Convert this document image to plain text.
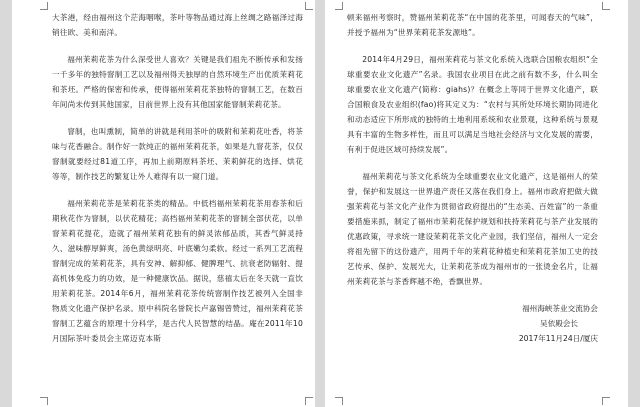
大茶港，经由福州这个茫海咽喉，茶叶等物品通过海上丝绸之路福泽过海销往欧、美和南洋。

福州茉莉花茶为什么深受世人喜欢？关键是我们祖先不断传承和发扬一千多年的独特窨制工艺以及福州得天独厚的自然环境生产出优质茉莉花和茶坯。严格的保密和传承，使得福州茉莉花茶独特的窨制工艺，在数百年间尚未传到其他国家，目前世界上没有其他国家能窨制茉莉花茶。

窨制，也叫熏制，简单的讲就是利用茶叶的吸附和茉莉花吐香，将茶味与花香融合。制作好一款纯正的福州茉莉花茶，如果是九窨花茶，仅仅窨制就要经过81道工序，再加上前期原料茶坯、茉莉鲜花的选择、烘花等等，制作技艺的繁复让外人难得有以一窥门道。

福州茉莉花茶是茉莉花茶类的精品。中低档福州茉莉花茶用春茶和后期秋花作为窨制，以伏花精花；高档福州茉莉花茶的窨制全部伏花，以单窨茉莉花提花，造就了福州茉莉花独有的鲜灵浓郁品质，其香气鲜灵持久、滋味醇厚鲜爽，汤色黄绿明亮、叶底嫩匀柔软。经过一系列工艺流程窨制完成的茉莉花茶，具有安神、解抑郁、健脾理气、抗衰老防辐射、提高机体免疫力的功效，是一种健康饮品。据说，慈禧太后在冬天就一直饮用茉莉花茶。2014年6月，福州茉莉花茶传统窨制作技艺被列入全国非物质文化遗产保护名录。原中科院名誉院长卢嘉锡曾赞过，福州茉莉花茶窨制工艺蕴含的原理十分科学，是古代人民智慧的结晶。庵在2011年10月国际茶叶委员会主席迈克本斯

顿来福州考察时，赞福州茉莉花茶“在中国的花茶里，可闻春天的气味”，并授予福州为“世界茉莉花茶发源地”。

2014年4月29日，福州茉莉花与茶文化系统入选联合国粮农组织“全球重要农业文化遗产”名录。我国农业项目在此之前有数不多，什么叫全球重要农业文化遗产(简称：giahs)？在概念上等同于世界文化遗产，联合国粮食及农业组织(fao)将其定义为：“农村与其所处环境长期协同进化和动态适应下所形成的独特的土地利用系统和农业景观，这种系统与景观具有丰富的生物多样性，而且可以满足当地社会经济与文化发展的需要，有利于促进区域可持续发展”。

福州茉莉花与茶文化系统为全球重要农业文化遗产，这是福州人的荣誉，保护和发展这一世界遗产责任又落在我们身上。福州市政府把做大做强茉莉花与茶文化产业作为贯彻省政府提出的“生态美、百姓富”的一条重要措施来抓，制定了福州市茉莉花保护规划和扶持茉莉花与茶产业发展的优惠政策，寻求统一建设茉莉花茶文化产业园，我们坚信，福州人一定会将祖先留下的这份遗产，用两千年的茉莉花种植史和茉莉花茶加工史的技艺传承、保护、发展光大，让茉莉花茶成为福州市的一张烫金名片，让福州茉莉花茶与茶香辉越不绝，香飘世界。

福州海峡茶业交流协会

吴依殿会长

2017年11月24日/厦庆
